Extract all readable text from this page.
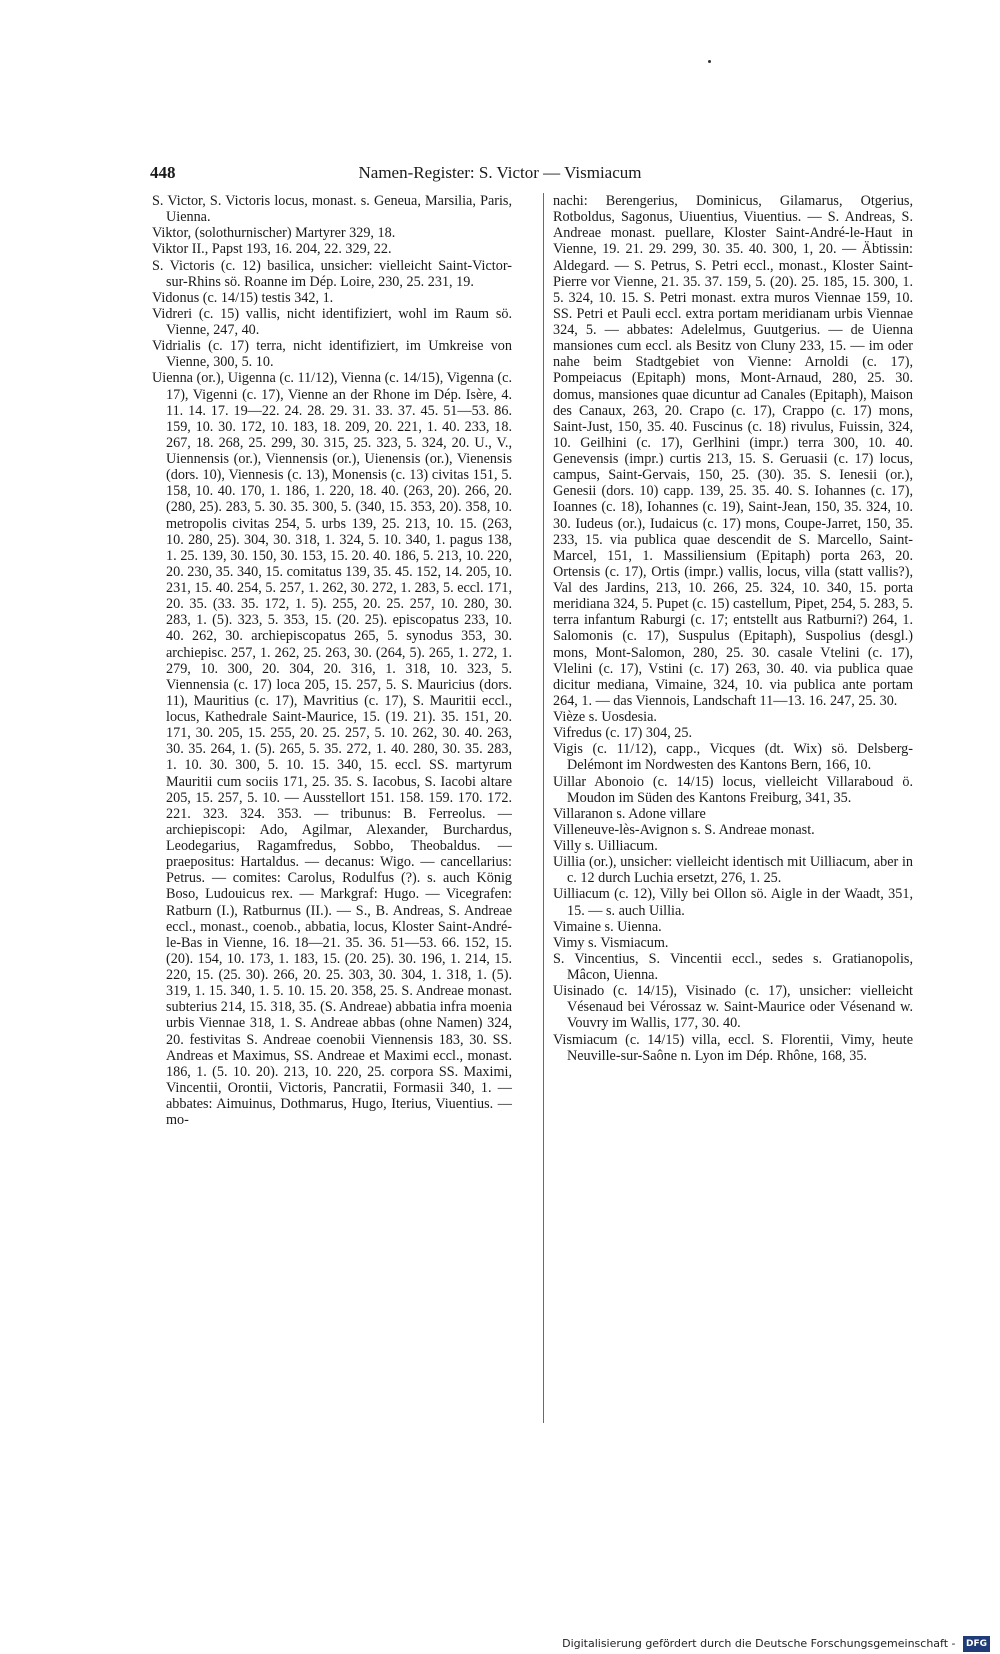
448	Namen-Register: S. Victor — Vismiacum

S. Victor, S. Victoris locus, monast. s. Geneua, Marsilia, Paris, Uienna.

Viktor, (solothurnischer) Martyrer 329, 18.

Viktor II., Papst 193, 16. 204, 22. 329, 22.

S. Victoris (c. 12) basilica, unsicher: vielleicht Saint-Victor-sur-Rhins sö. Roanne im Dép. Loire, 230, 25. 231, 19.

Vidonus (c. 14/15) testis 342, 1.

Vidreri (c. 15) vallis, nicht identifiziert, wohl im Raum sö. Vienne, 247, 40.

Vidrialis (c. 17) terra, nicht identifiziert, im Umkreise von Vienne, 300, 5. 10.

Uienna (or.), Uigenna (c. 11/12), Vienna (c. 14/15), Vigenna (c. 17), Vigenni (c. 17), Vienne an der Rhone im Dép. Isère, 4. 11. 14. 17. 19—22. 24. 28. 29. 31. 33. 37. 45. 51—53. 86. 159, 10. 30. 172, 10. 183, 18. 209, 20. 221, 1. 40. 233, 18. 267, 18. 268, 25. 299, 30. 315, 25. 323, 5. 324, 20. U., V., Uiennensis (or.), Viennensis (or.), Uienensis (or.), Vienensis (dors. 10), Viennesis (c. 13), Monensis (c. 13) civitas 151, 5. 158, 10. 40. 170, 1. 186, 1. 220, 18. 40. (263, 20). 266, 20. (280, 25). 283, 5. 30. 35. 300, 5. (340, 15. 353, 20). 358, 10. metropolis civitas 254, 5. urbs 139, 25. 213, 10. 15. (263, 10. 280, 25). 304, 30. 318, 1. 324, 5. 10. 340, 1. pagus 138, 1. 25. 139, 30. 150, 30. 153, 15. 20. 40. 186, 5. 213, 10. 220, 20. 230, 35. 340, 15. comitatus 139, 35. 45. 152, 14. 205, 10. 231, 15. 40. 254, 5. 257, 1. 262, 30. 272, 1. 283, 5. eccl. 171, 20. 35. (33. 35. 172, 1. 5). 255, 20. 25. 257, 10. 280, 30. 283, 1. (5). 323, 5. 353, 15. (20. 25). episcopatus 233, 10. 40. 262, 30. archiepiscopatus 265, 5. synodus 353, 30. archiepisc. 257, 1. 262, 25. 263, 30. (264, 5). 265, 1. 272, 1. 279, 10. 300, 20. 304, 20. 316, 1. 318, 10. 323, 5. Viennensia (c. 17) loca 205, 15. 257, 5. S. Mauricius (dors. 11), Mauritius (c. 17), Mavritius (c. 17), S. Mauritii eccl., locus, Kathedrale Saint-Maurice, 15. (19. 21). 35. 151, 20. 171, 30. 205, 15. 255, 20. 25. 257, 5. 10. 262, 30. 40. 263, 30. 35. 264, 1. (5). 265, 5. 35. 272, 1. 40. 280, 30. 35. 283, 1. 10. 30. 300, 5. 10. 15. 340, 15. eccl. SS. martyrum Mauritii cum sociis 171, 25. 35. S. Iacobus, S. Iacobi altare 205, 15. 257, 5. 10. — Ausstellort 151. 158. 159. 170. 172. 221. 323. 324. 353. — tribunus: B. Ferreolus. — archiepiscopi: Ado, Agilmar, Alexander, Burchardus, Leodegarius, Ragamfredus, Sobbo, Theobaldus. — praepositus: Hartaldus. — decanus: Wigo. — cancellarius: Petrus. — comites: Carolus, Rodulfus (?). s. auch König Boso, Ludouicus rex. — Markgraf: Hugo. — Vicegrafen: Ratburn (I.), Ratburnus (II.). — S., B. Andreas, S. Andreae eccl., monast., coenob., abbatia, locus, Kloster Saint-André-le-Bas in Vienne, 16. 18—21. 35. 36. 51—53. 66. 152, 15. (20). 154, 10. 173, 1. 183, 15. (20. 25). 30. 196, 1. 214, 15. 220, 15. (25. 30). 266, 20. 25. 303, 30. 304, 1. 318, 1. (5). 319, 1. 15. 340, 1. 5. 10. 15. 20. 358, 25. S. Andreae monast. subterius 214, 15. 318, 35. (S. Andreae) abbatia infra moenia urbis Viennae 318, 1. S. Andreae abbas (ohne Namen) 324, 20. festivitas S. Andreae coenobii Viennensis 183, 30. SS. Andreas et Maximus, SS. Andreae et Maximi eccl., monast. 186, 1. (5. 10. 20). 213, 10. 220, 25. corpora SS. Maximi, Vincentii, Orontii, Victoris, Pancratii, Formasii 340, 1. — abbates: Aimuinus, Dothmarus, Hugo, Iterius, Viuentius. — mo-

nachi: Berengerius, Dominicus, Gilamarus, Otgerius, Rotboldus, Sagonus, Uiuentius, Viuentius. — S. Andreas, S. Andreae monast. puellare, Kloster Saint-André-le-Haut in Vienne, 19. 21. 29. 299, 30. 35. 40. 300, 1, 20. — Äbtissin: Aldegard. — S. Petrus, S. Petri eccl., monast., Kloster Saint-Pierre vor Vienne, 21. 35. 37. 159, 5. (20). 25. 185, 15. 300, 1. 5. 324, 10. 15. S. Petri monast. extra muros Viennae 159, 10. SS. Petri et Pauli eccl. extra portam meridianam urbis Viennae 324, 5. — abbates: Adelelmus, Guutgerius. — de Uienna mansiones cum eccl. als Besitz von Cluny 233, 15. — im oder nahe beim Stadtgebiet von Vienne: Arnoldi (c. 17), Pompeiacus (Epitaph) mons, Mont-Arnaud, 280, 25. 30. domus, mansiones quae dicuntur ad Canales (Epitaph), Maison des Canaux, 263, 20. Crapo (c. 17), Crappo (c. 17) mons, Saint-Just, 150, 35. 40. Fuscinus (c. 18) rivulus, Fuissin, 324, 10. Geilhini (c. 17), Gerlhini (impr.) terra 300, 10. 40. Genevensis (impr.) curtis 213, 15. S. Geruasii (c. 17) locus, campus, Saint-Gervais, 150, 25. (30). 35. S. Ienesii (or.), Genesii (dors. 10) capp. 139, 25. 35. 40. S. Iohannes (c. 17), Ioannes (c. 18), Iohannes (c. 19), Saint-Jean, 150, 35. 324, 10. 30. Iudeus (or.), Iudaicus (c. 17) mons, Coupe-Jarret, 150, 35. 233, 15. via publica quae descendit de S. Marcello, Saint-Marcel, 151, 1. Massiliensium (Epitaph) porta 263, 20. Ortensis (c. 17), Ortis (impr.) vallis, locus, villa (statt vallis?), Val des Jardins, 213, 10. 266, 25. 324, 10. 340, 15. porta meridiana 324, 5. Pupet (c. 15) castellum, Pipet, 254, 5. 283, 5. terra infantum Raburgi (c. 17; entstellt aus Ratburni?) 264, 1. Salomonis (c. 17), Suspulus (Epitaph), Suspolius (desgl.) mons, Mont-Salomon, 280, 25. 30. casale Vtelini (c. 17), Vlelini (c. 17), Vstini (c. 17) 263, 30. 40. via publica quae dicitur mediana, Vimaine, 324, 10. via publica ante portam 264, 1. — das Viennois, Landschaft 11—13. 16. 247, 25. 30.

Vièze s. Uosdesia.

Vifredus (c. 17) 304, 25.

Vigis (c. 11/12), capp., Vicques (dt. Wix) sö. Delsberg-Delémont im Nordwesten des Kantons Bern, 166, 10.

Uillar Abonoio (c. 14/15) locus, vielleicht Villaraboud ö. Moudon im Süden des Kantons Freiburg, 341, 35.

Villaranon s. Adone villare

Villeneuve-lès-Avignon s. S. Andreae monast.

Villy s. Uilliacum.

Uillia (or.), unsicher: vielleicht identisch mit Uilliacum, aber in c. 12 durch Luchia ersetzt, 276, 1. 25.

Uilliacum (c. 12), Villy bei Ollon sö. Aigle in der Waadt, 351, 15. — s. auch Uillia.

Vimaine s. Uienna.

Vimy s. Vismiacum.

S. Vincentius, S. Vincentii eccl., sedes s. Gratianopolis, Mâcon, Uienna.

Uisinado (c. 14/15), Visinado (c. 17), unsicher: vielleicht Vésenaud bei Vérossaz w. Saint-Maurice oder Vésenand w. Vouvry im Wallis, 177, 30. 40.

Vismiacum (c. 14/15) villa, eccl. S. Florentii, Vimy, heute Neuville-sur-Saône n. Lyon im Dép. Rhône, 168, 35.

Digitalisierung gefördert durch die Deutsche Forschungsgemeinschaft - DFG
